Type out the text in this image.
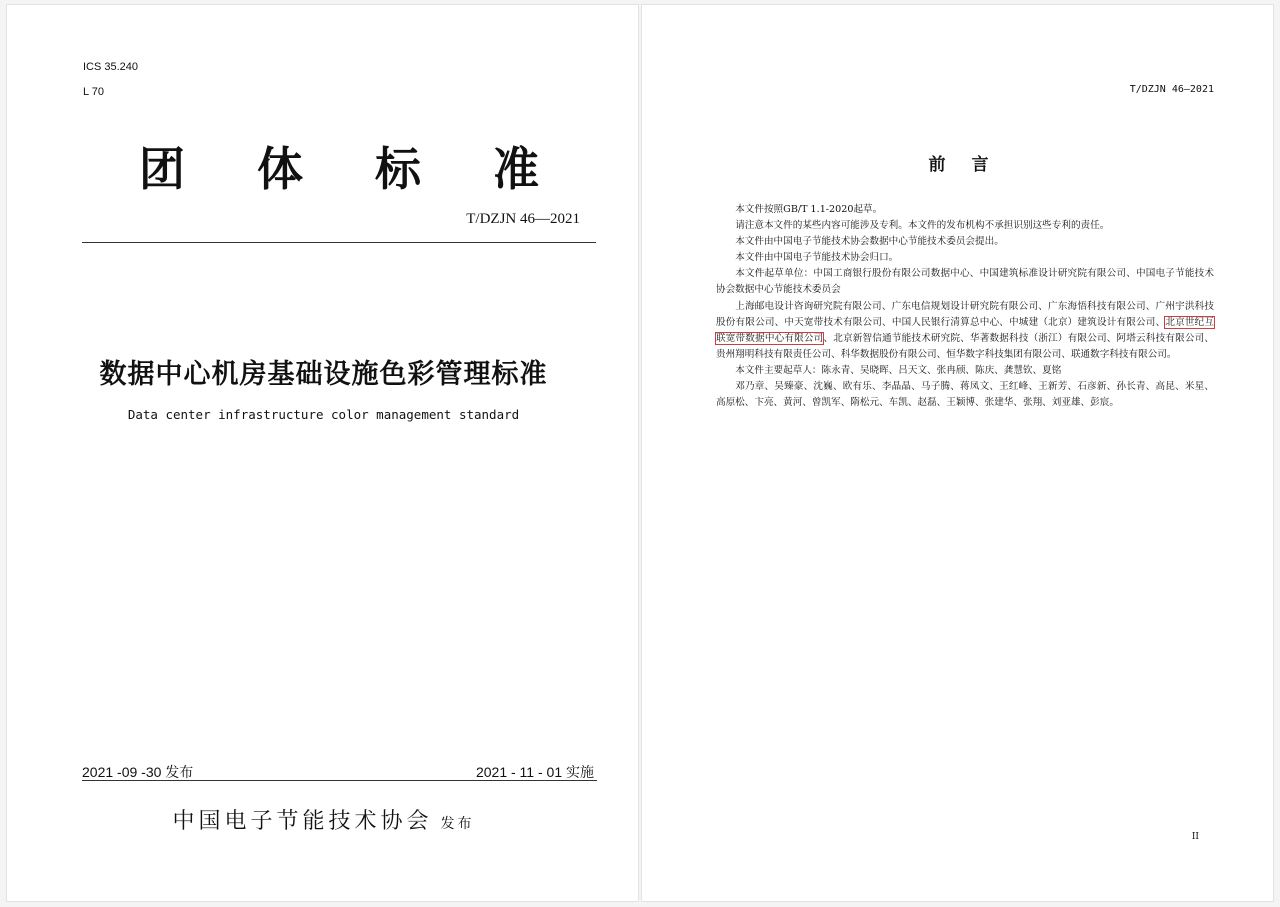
ICS 35.240
L 70
团 体 标 准
T/DZJN 46—2021
数据中心机房基础设施色彩管理标准
Data center infrastructure color management standard
2021 -09 -30 发布	2021 - 11 - 01 实施
中国电子节能技术协会 发布
T/DZJN 46—2021
前言

本文件按照GB/T 1.1-2020起草。

请注意本文件的某些内容可能涉及专利。本文件的发布机构不承担识别这些专利的责任。

本文件由中国电子节能技术协会数据中心节能技术委员会提出。

本文件由中国电子节能技术协会归口。

本文件起草单位：中国工商银行股份有限公司数据中心、中国建筑标准设计研究院有限公司、中国电子节能技术协会数据中心节能技术委员会

上海邮电设计咨询研究院有限公司、广东电信规划设计研究院有限公司、广东海悟科技有限公司、广州宇洪科技股份有限公司、中天宽带技术有限公司、中国人民银行清算总中心、中城建（北京）建筑设计有限公司、北京世纪互联宽带数据中心有限公司、北京新智信通节能技术研究院、华著数据科技（浙江）有限公司、阿塔云科技有限公司、贵州翔明科技有限责任公司、科华数据股份有限公司、恒华数字科技集团有限公司、联通数字科技有限公司。

本文件主要起草人：陈永青、吴晓晖、吕天文、张冉颀、陈庆、龚慧钦、夏铭

邓乃章、吴臻豪、沈巍、欧有乐、李晶晶、马子腾、蒋凤文、王红峰、王新芳、石彦新、孙长青、高昆、米星、高原松、卞亮、黄河、曾凯军、隋松元、车凯、赵磊、王颖博、张建华、张翔、刘亚雄、彭宸。

II
